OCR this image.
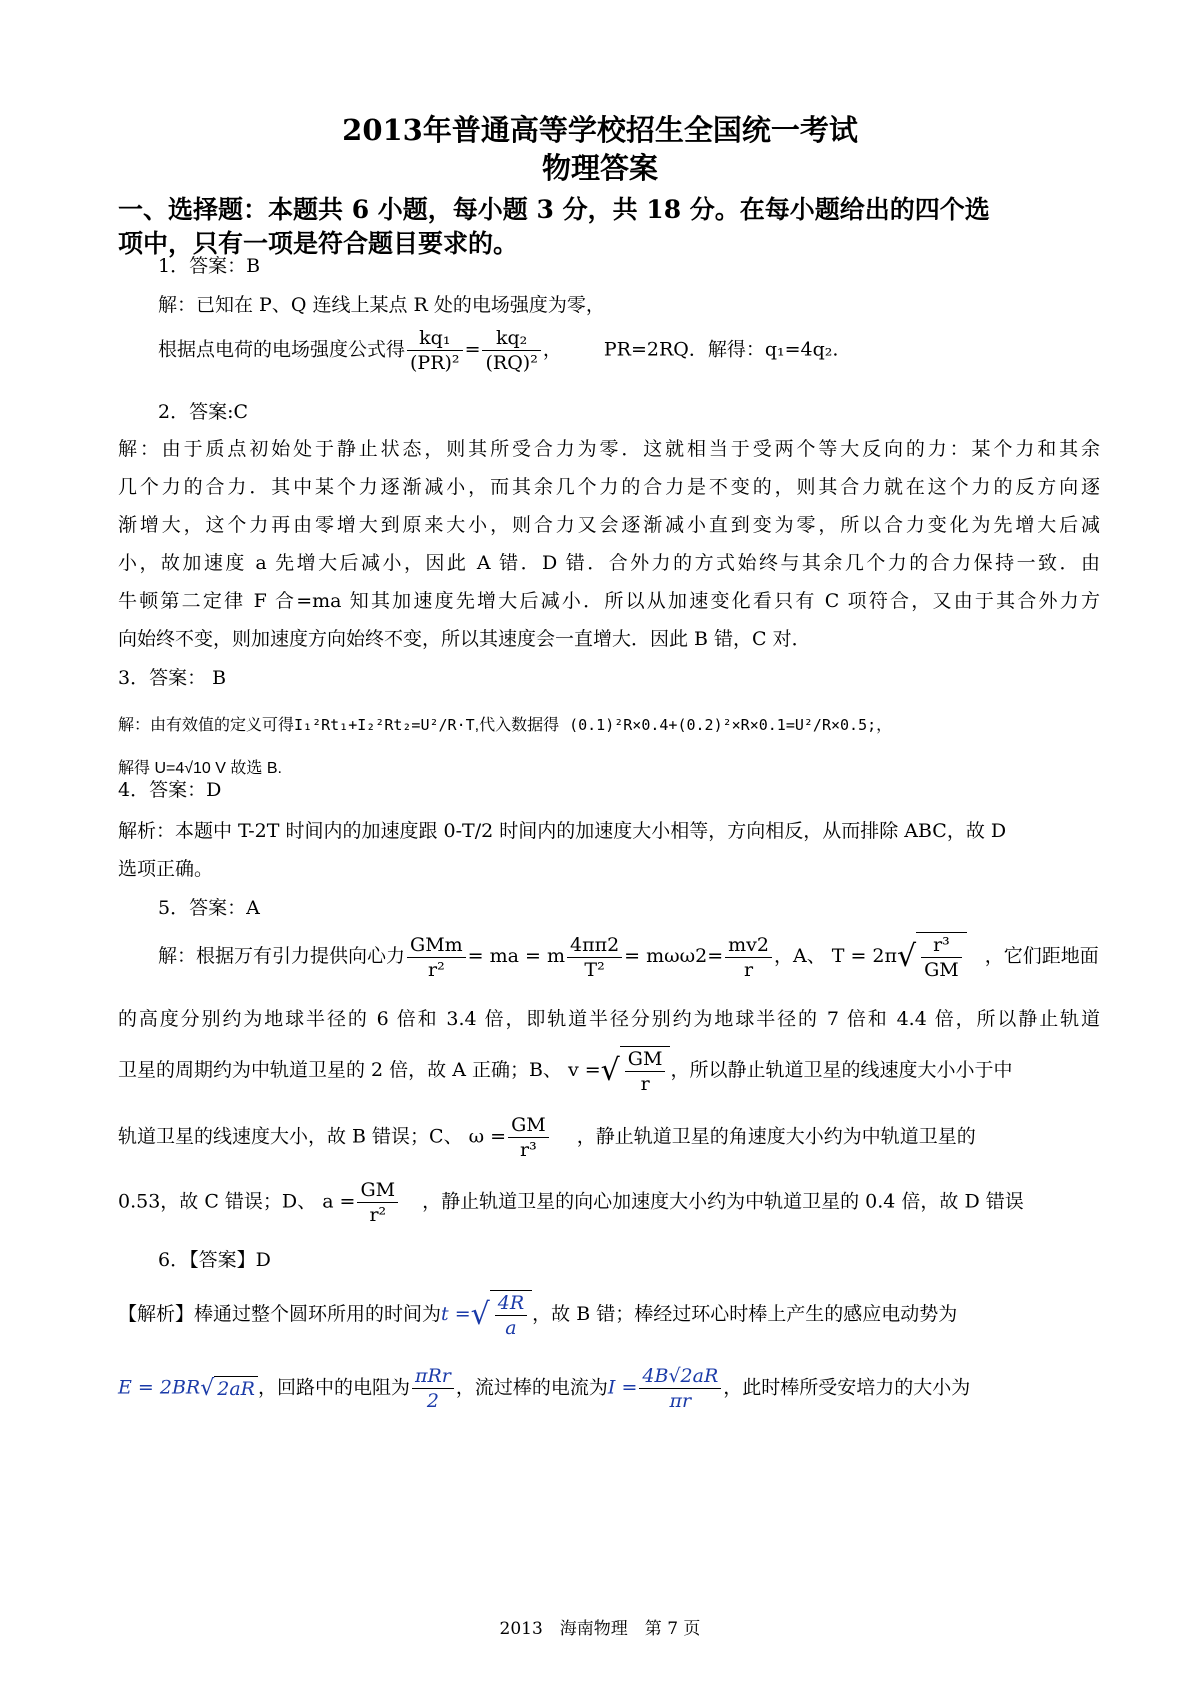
2013年普通高等学校招生全国统一考试
物理答案
一、选择题：本题共 6 小题，每小题 3 分，共 18 分。在每小题给出的四个选
项中，只有一项是符合题目要求的。
1．答案：B
解：已知在 P、Q 连线上某点 R 处的电场强度为零，
根据点电荷的电场强度公式得 $\frac{\text{kq₁}}{\text{(PR)²}} = \frac{\text{kq₂}}{\text{(RQ)²}}$ ， PR=2RQ．解得：q₁=4q₂.
2．答案:C
解：由于质点初始处于静止状态，则其所受合力为零．这就相当于受两个等大反向的力：某个力和其余
几个力的合力．其中某个力逐渐减小，而其余几个力的合力是不变的，则其合力就在这个力的反方向逐
渐增大，这个力再由零增大到原来大小，则合力又会逐渐减小直到变为零，所以合力变化为先增大后减
小，故加速度 a 先增大后减小，因此 A 错．D 错．合外力的方式始终与其余几个力的合力保持一致．由
牛顿第二定律 F 合=ma 知其加速度先增大后减小．所以从加速变化看只有 C 项符合，又由于其合外力方
向始终不变，则加速度方向始终不变，所以其速度会一直增大．因此 B 错，C 对．
3．答案： B
解：由有效值的定义可得I₁²Rt₁+I₂²Rt₂=U²/R·T,代入数据得 (0.1)²R×0.4+(0.2)²×R×0.1=U²/R×0.5;，
解得 U=4√10 V 故选 B.
4．答案：D
解析：本题中 T-2T 时间内的加速度跟 0-T/2 时间内的加速度大小相等，方向相反，从而排除 ABC，故 D
选项正确。
5．答案：A
解：根据万有引力提供向心力 $\frac{\text{GMm}}{\text{r²}}$ = ma = m $\frac{4\pi\pi 2}{\text{T²}} = m\omega\omega 2= \frac{mv2}{r}$ ，A、 $T = 2\pi√ \frac{\text{r³}}{GM}$ ，它们距地面
的高度分别约为地球半径的 6 倍和 3.4 倍，即轨道半径分别约为地球半径的 7 倍和 4.4 倍，所以静止轨道
卫星的周期约为中轨道卫星的 2 倍，故 A 正确；B、 v =√ $\frac{GM}{r}$ ，所以静止轨道卫星的线速度大小小于中
轨道卫星的线速度大小，故 B 错误；C、 $\omega = \frac{GM}{\text{r³}}$ ，静止轨道卫星的角速度大小约为中轨道卫星的
0.53，故 C 错误；D、 $a = \frac{GM}{\text{r²}}$ ，静止轨道卫星的向心加速度大小约为中轨道卫星的 0.4 倍，故 D 错误
6．【答案】D
【解析】棒通过整个圆环所用的时间为t =√ $\frac{4R}{a}$ ，故 B 错；棒经过环心时棒上产生的感应电动势为
E = 2BR√ 2aR ，回路中的电阻为 $\frac{\text{πRr}}{2}$ ，流过棒的电流为$I = \frac{4B√2aR}{\pi r}$ ，此时棒所受安培力的大小为
2013　海南物理　第 7 页
